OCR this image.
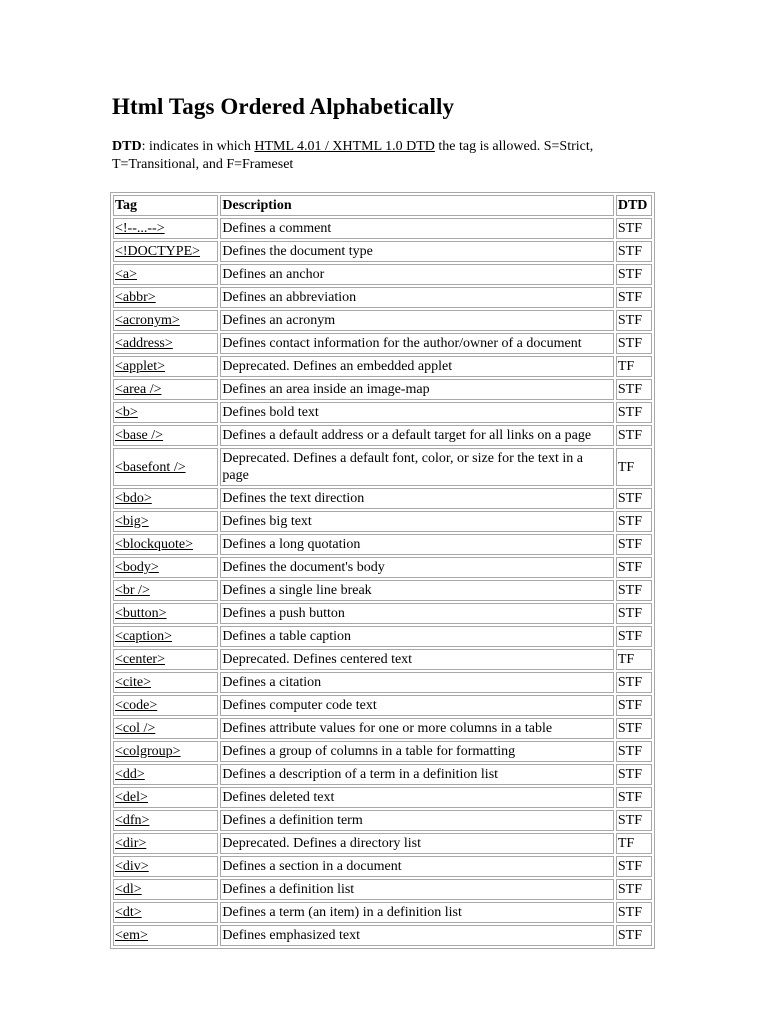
Html Tags Ordered Alphabetically

DTD: indicates in which HTML 4.01 / XHTML 1.0 DTD the tag is allowed. S=Strict, T=Transitional, and F=Frameset

Tag	Description	DTD
<!--...-->	Defines a comment	STF
<!DOCTYPE>	Defines the document type	STF
<a>	Defines an anchor	STF
<abbr>	Defines an abbreviation	STF
<acronym>	Defines an acronym	STF
<address>	Defines contact information for the author/owner of a document	STF
<applet>	Deprecated. Defines an embedded applet	TF
<area />	Defines an area inside an image-map	STF
<b>	Defines bold text	STF
<base />	Defines a default address or a default target for all links on a page	STF
<basefont />	Deprecated. Defines a default font, color, or size for the text in a page	TF
<bdo>	Defines the text direction	STF
<big>	Defines big text	STF
<blockquote>	Defines a long quotation	STF
<body>	Defines the document's body	STF
<br />	Defines a single line break	STF
<button>	Defines a push button	STF
<caption>	Defines a table caption	STF
<center>	Deprecated. Defines centered text	TF
<cite>	Defines a citation	STF
<code>	Defines computer code text	STF
<col />	Defines attribute values for one or more columns in a table	STF
<colgroup>	Defines a group of columns in a table for formatting	STF
<dd>	Defines a description of a term in a definition list	STF
<del>	Defines deleted text	STF
<dfn>	Defines a definition term	STF
<dir>	Deprecated. Defines a directory list	TF
<div>	Defines a section in a document	STF
<dl>	Defines a definition list	STF
<dt>	Defines a term (an item) in a definition list	STF
<em>	Defines emphasized text	STF
